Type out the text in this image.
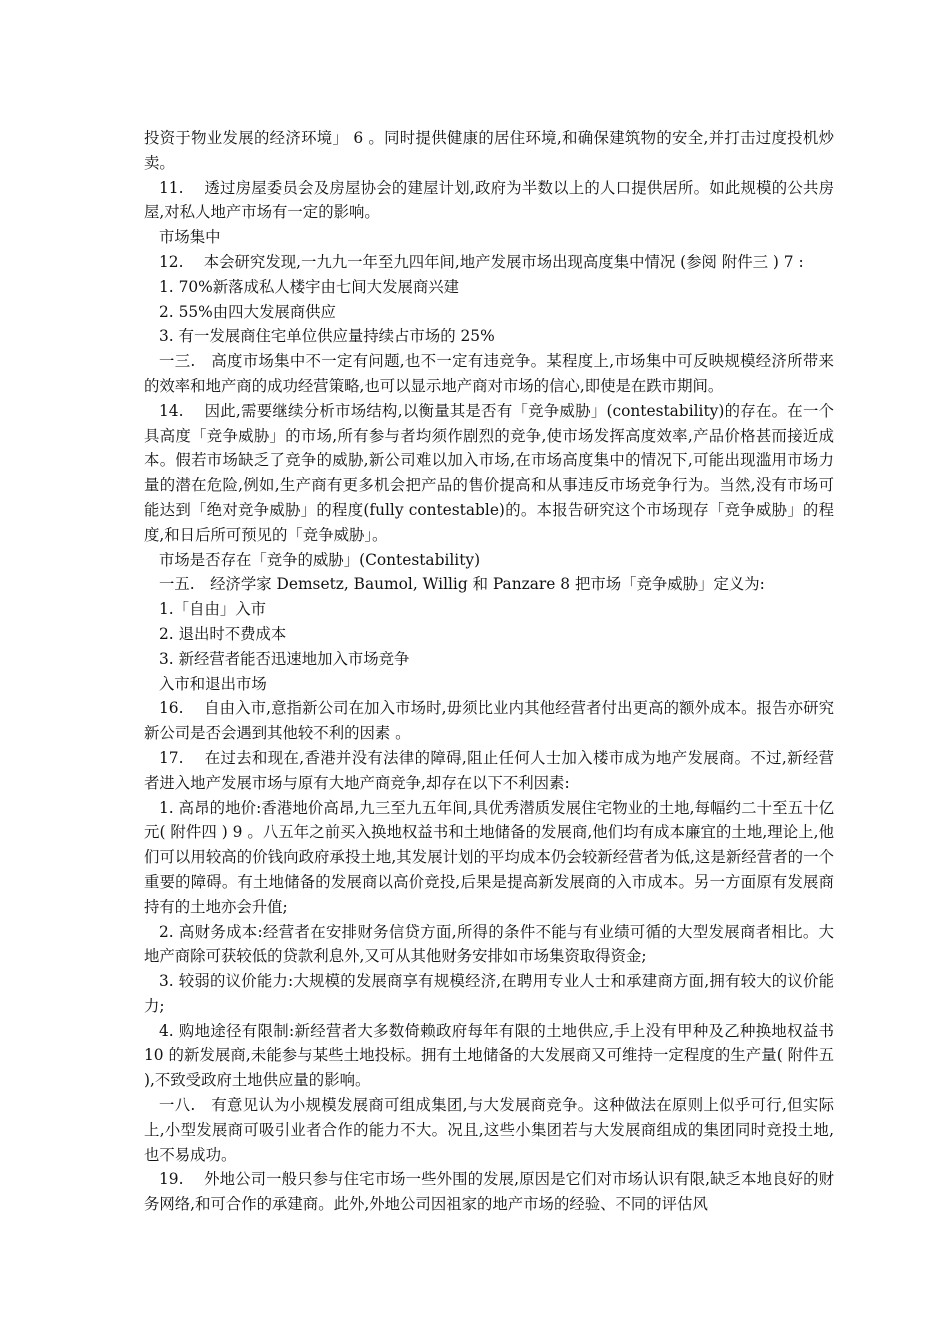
投资于物业发展的经济环境」 6 。同时提供健康的居住环境,和确保建筑物的安全,并打击过度投机炒卖。

11.　 透过房屋委员会及房屋协会的建屋计划,政府为半数以上的人口提供居所。如此规模的公共房屋,对私人地产市场有一定的影响。

市场集中

12.　 本会研究发现,一九九一年至九四年间,地产发展市场出现高度集中情况 (参阅 附件三 ) 7 :

1. 70%新落成私人楼宇由七间大发展商兴建

2. 55%由四大发展商供应

3. 有一发展商住宅单位供应量持续占市场的 25%

一三.　高度市场集中不一定有问题,也不一定有违竞争。某程度上,市场集中可反映规模经济所带来的效率和地产商的成功经营策略,也可以显示地产商对市场的信心,即使是在跌市期间。

14.　 因此,需要继续分析市场结构,以衡量其是否有「竞争威胁」(contestability)的存在。在一个具高度「竞争威胁」的市场,所有参与者均须作剧烈的竞争,使市场发挥高度效率,产品价格甚而接近成本。假若市场缺乏了竞争的威胁,新公司难以加入市场,在市场高度集中的情况下,可能出现滥用市场力量的潜在危险,例如,生产商有更多机会把产品的售价提高和从事违反市场竞争行为。当然,没有市场可能达到「绝对竞争威胁」的程度(fully contestable)的。本报告研究这个市场现存「竞争威胁」的程度,和日后所可预见的「竞争威胁」。

市场是否存在「竞争的威胁」(Contestability)

一五.　经济学家 Demsetz, Baumol, Willig 和 Panzare 8 把市场「竞争威胁」定义为:

1.「自由」入市

2. 退出时不费成本

3. 新经营者能否迅速地加入市场竞争

入市和退出市场

16.　 自由入市,意指新公司在加入市场时,毋须比业内其他经营者付出更高的额外成本。报告亦研究新公司是否会遇到其他较不利的因素 。

17.　 在过去和现在,香港并没有法律的障碍,阻止任何人士加入楼市成为地产发展商。不过,新经营者进入地产发展市场与原有大地产商竞争,却存在以下不利因素:

1. 高昂的地价:香港地价高昂,九三至九五年间,具优秀潜质发展住宅物业的土地,每幅约二十至五十亿元( 附件四 ) 9 。八五年之前买入换地权益书和土地储备的发展商,他们均有成本廉宜的土地,理论上,他们可以用较高的价钱向政府承投土地,其发展计划的平均成本仍会较新经营者为低,这是新经营者的一个重要的障碍。有土地储备的发展商以高价竞投,后果是提高新发展商的入市成本。另一方面原有发展商持有的土地亦会升值;

2. 高财务成本:经营者在安排财务信贷方面,所得的条件不能与有业绩可循的大型发展商者相比。大地产商除可获较低的贷款利息外,又可从其他财务安排如市场集资取得资金;

3. 较弱的议价能力:大规模的发展商享有规模经济,在聘用专业人士和承建商方面,拥有较大的议价能力;

4. 购地途径有限制:新经营者大多数倚赖政府每年有限的土地供应,手上没有甲种及乙种换地权益书 10 的新发展商,未能参与某些土地投标。拥有土地储备的大发展商又可维持一定程度的生产量( 附件五 ),不致受政府土地供应量的影响。

一八.　有意见认为小规模发展商可组成集团,与大发展商竞争。这种做法在原则上似乎可行,但实际上,小型发展商可吸引业者合作的能力不大。况且,这些小集团若与大发展商组成的集团同时竞投土地,也不易成功。

19.　 外地公司一般只参与住宅市场一些外围的发展,原因是它们对市场认识有限,缺乏本地良好的财务网络,和可合作的承建商。此外,外地公司因祖家的地产市场的经验、不同的评估风
